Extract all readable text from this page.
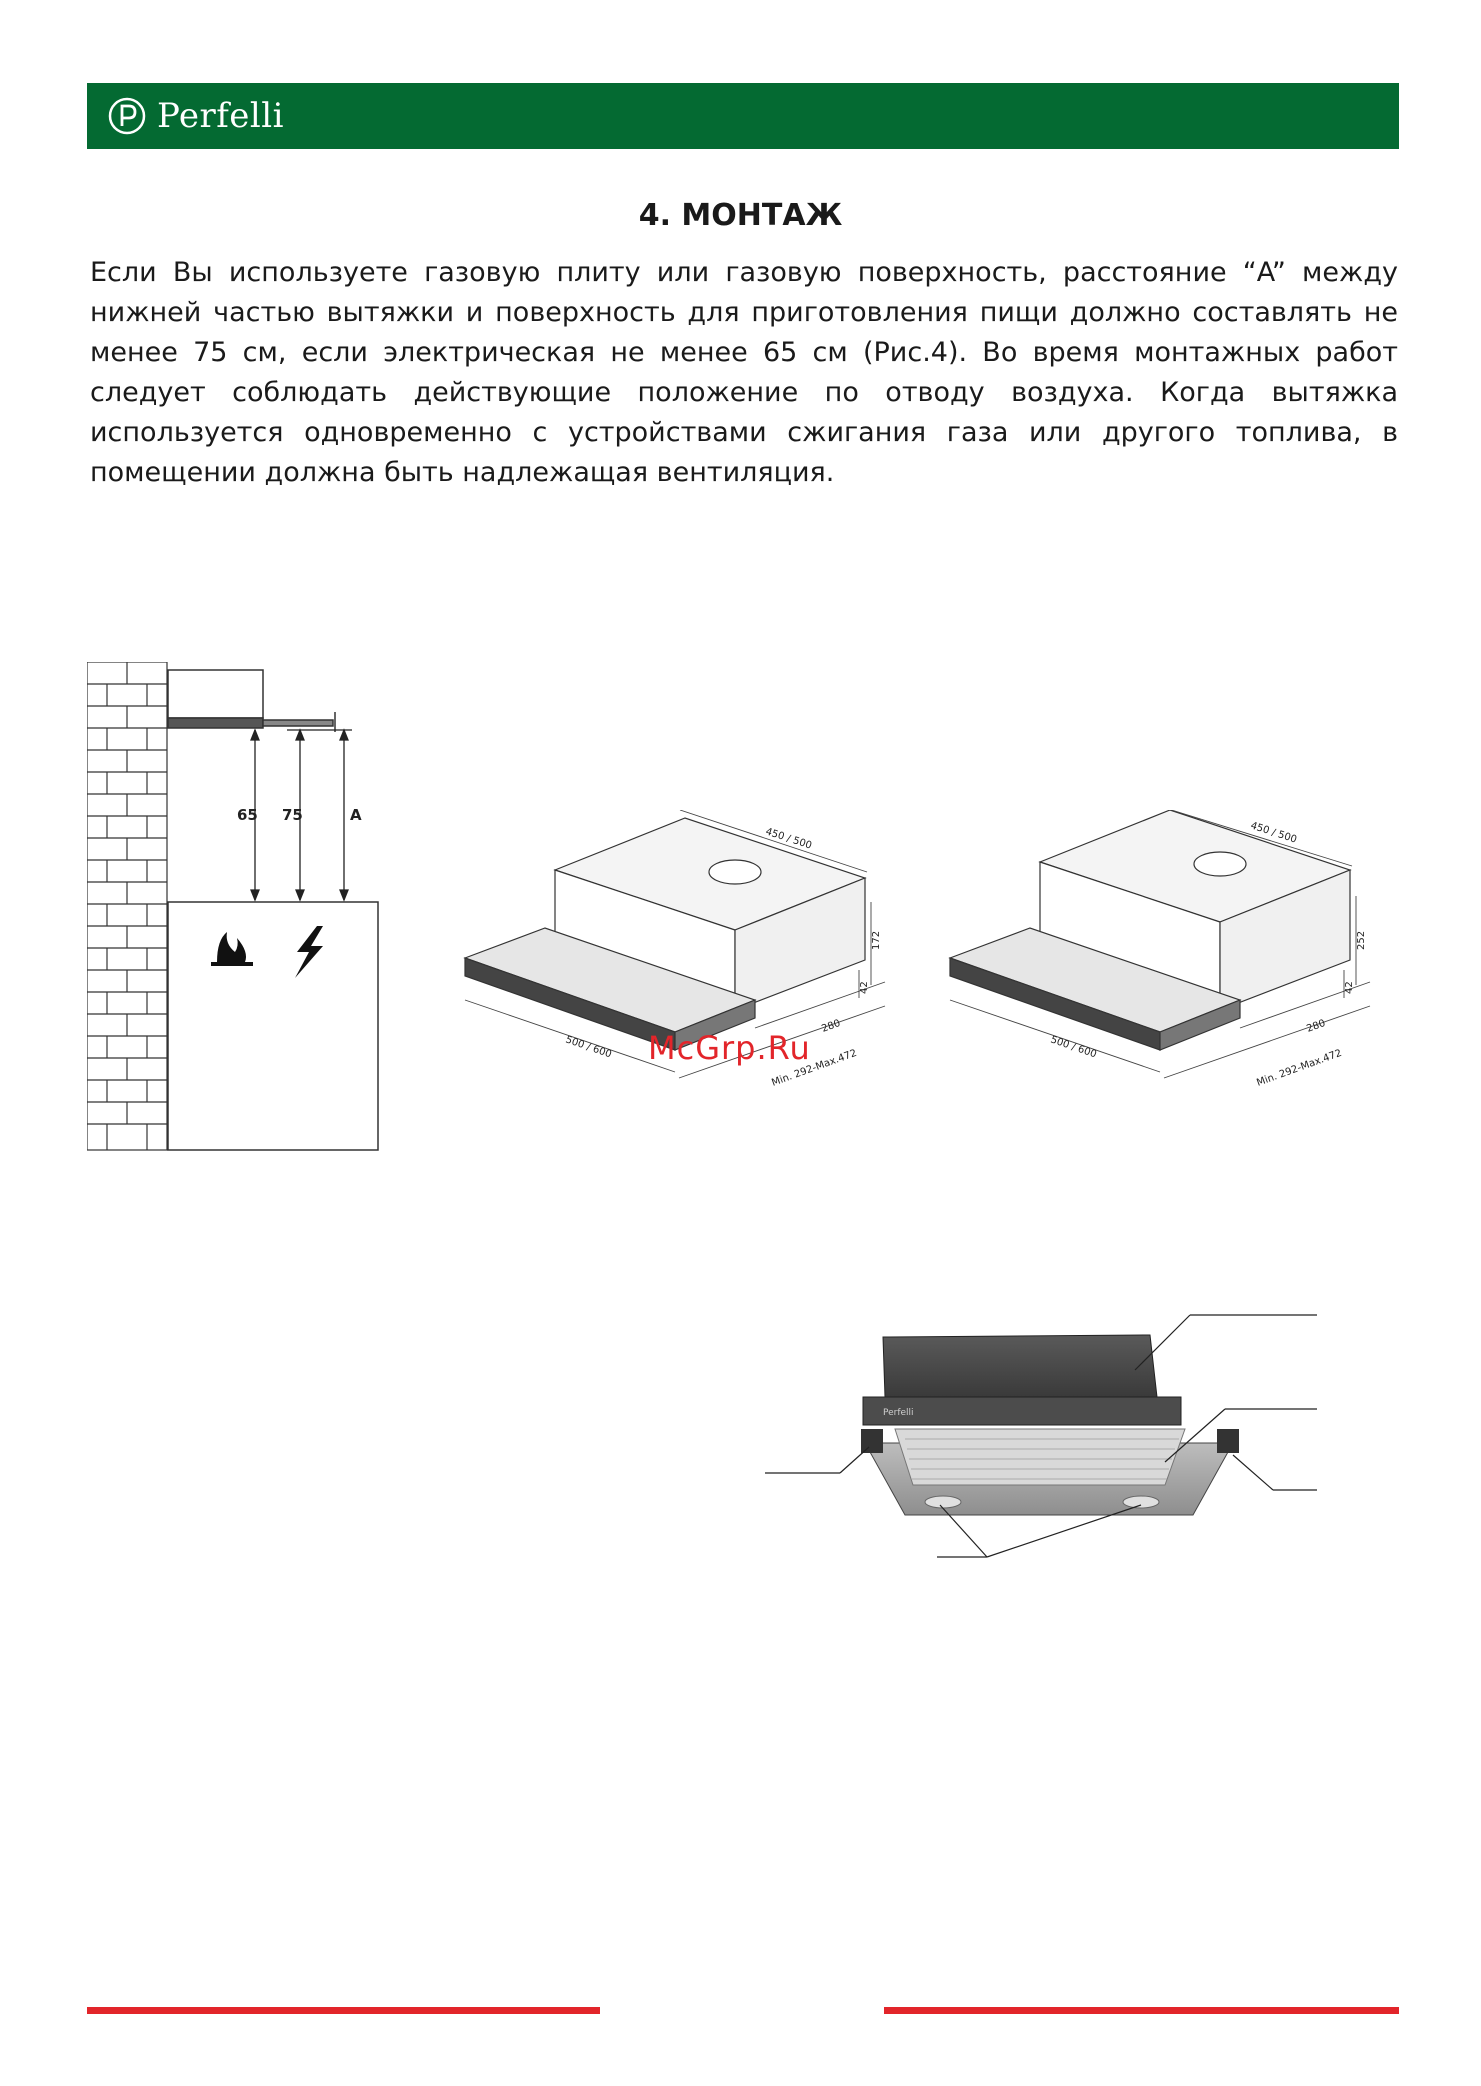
Perfelli
4. МОНТАЖ

Если Вы используете газовую плиту или газовую поверхность, расстояние “A” между нижней частью вытяжки и поверхность для приготовления пищи должно составлять не менее 75 см, если электрическая не менее 65 см (Рис.4). Во время монтажных работ следует соблюдать действующие положение по отводу воздуха. Когда вытяжка используется одновременно с устройствами сжигания газа или другого топлива, в помещении должна быть надлежащая вентиляция.

65 75	A
450 / 500
172
42
280
500 / 600
Min. 292-Max.472
450 / 500
252
42
280
500 / 600
Min. 292-Max.472
McGrp.Ru
Perfelli
